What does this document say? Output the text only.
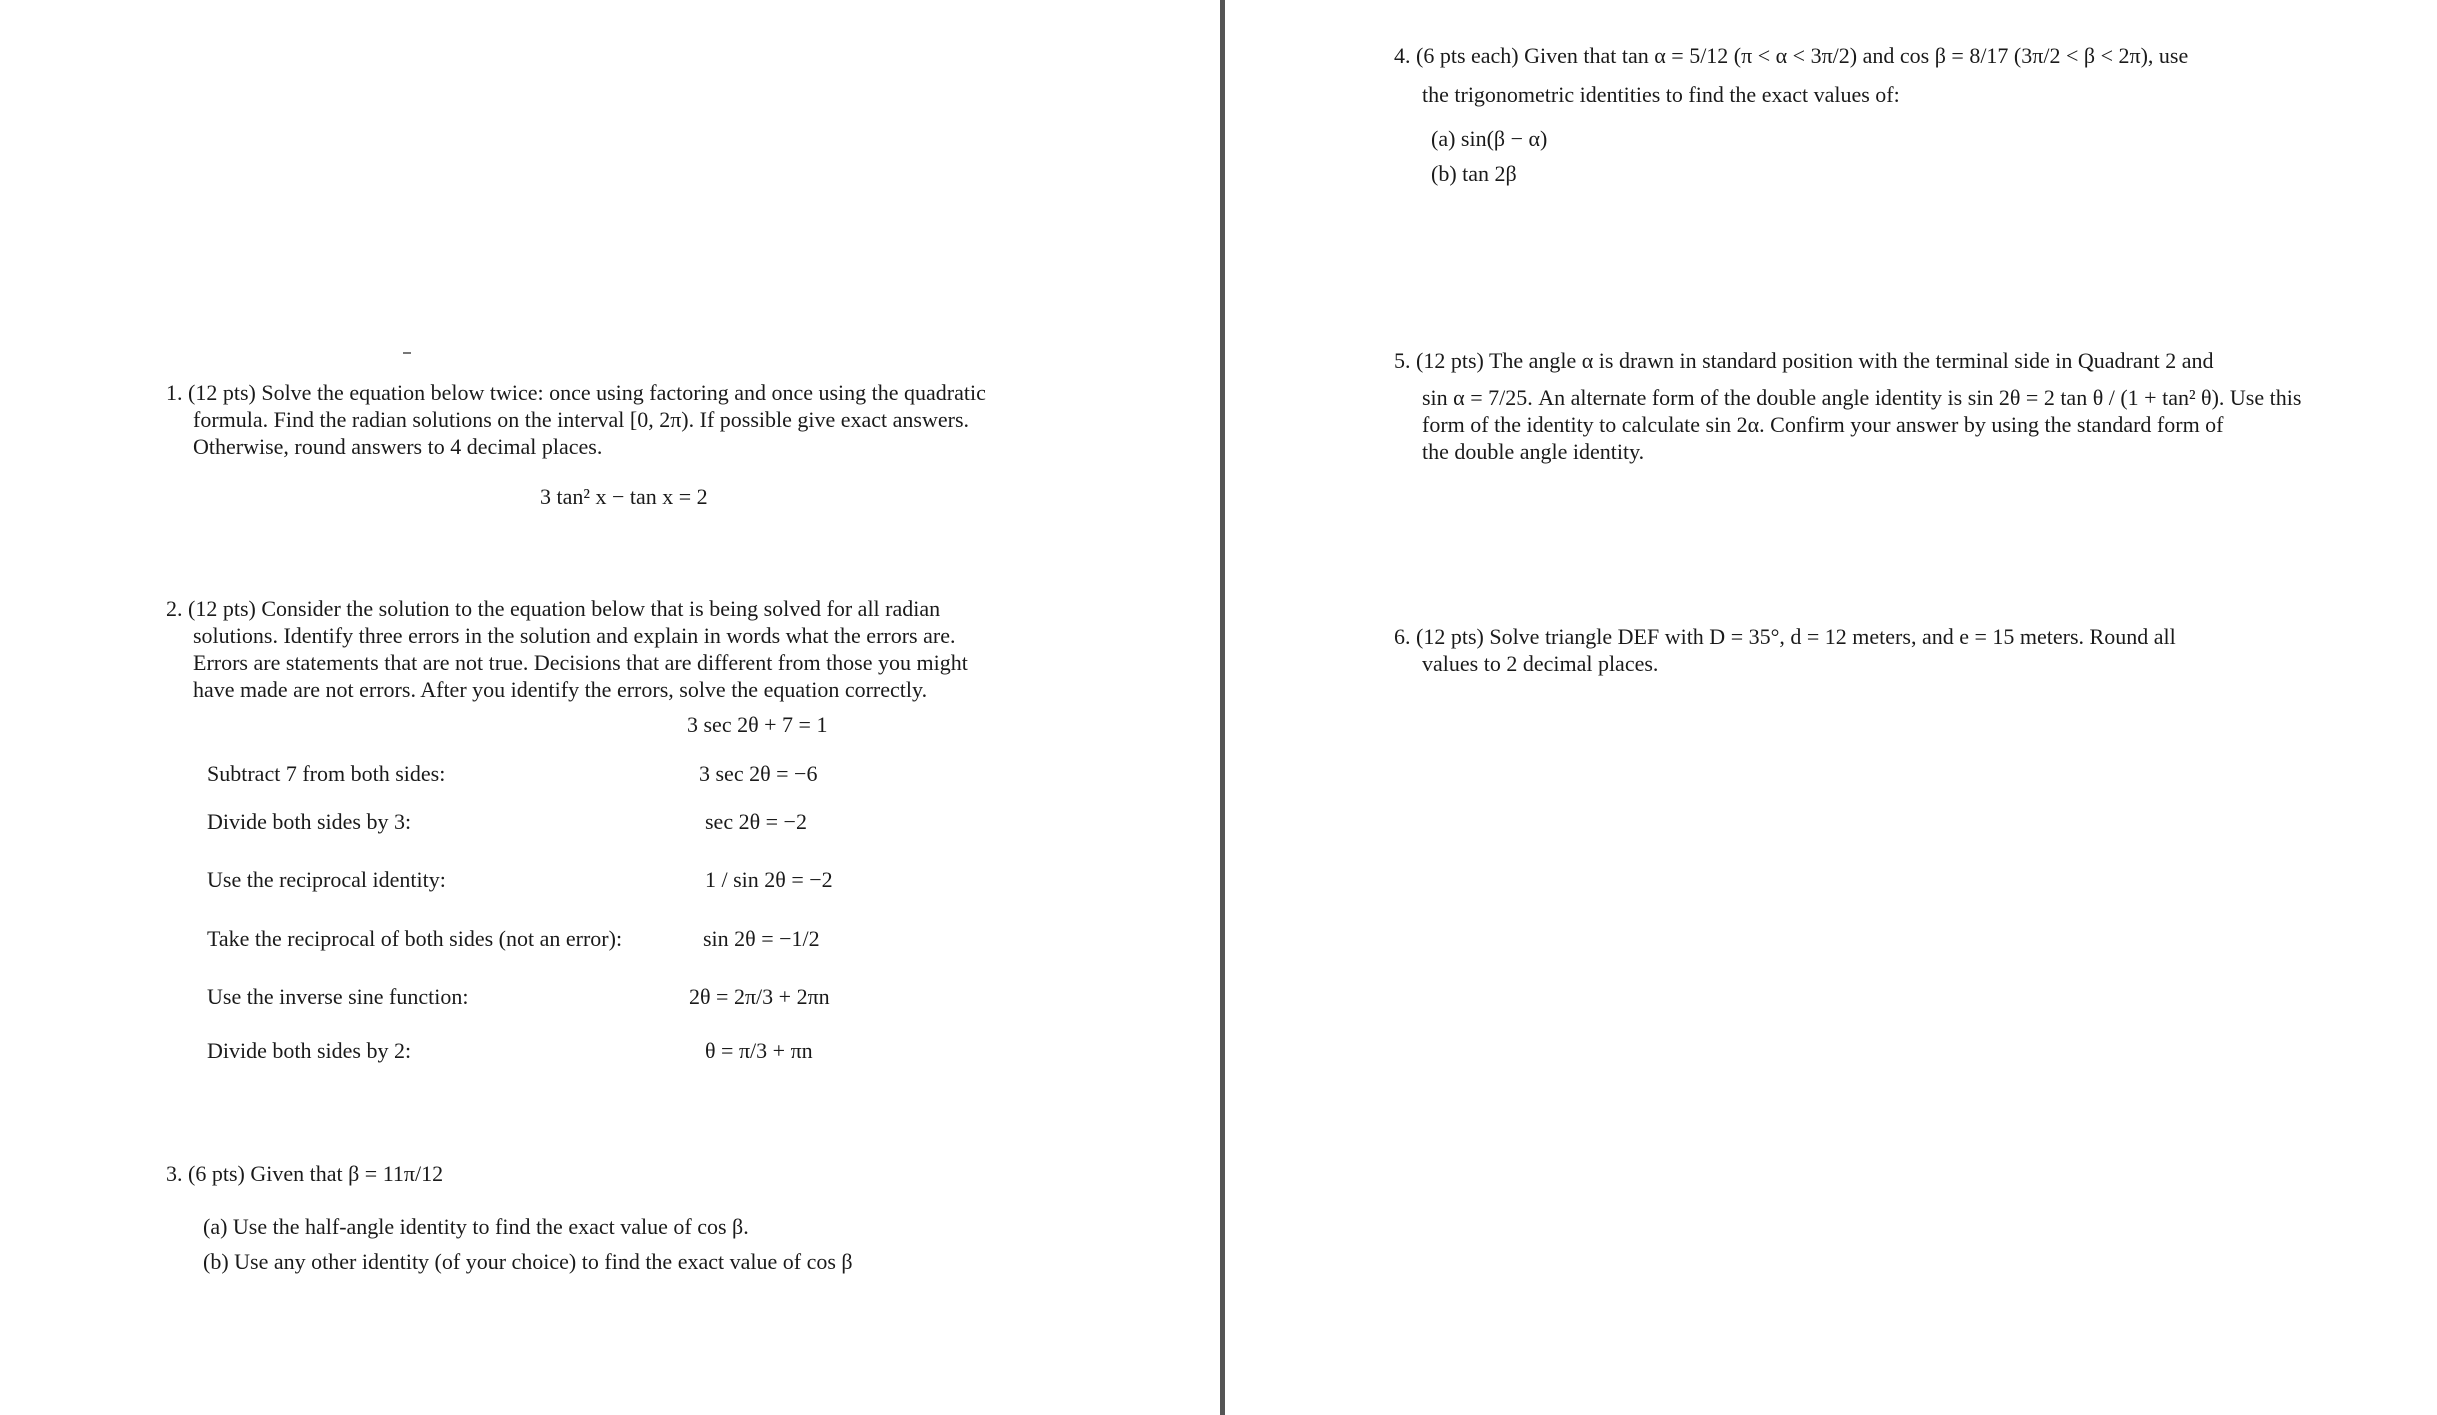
1. (12 pts) Solve the equation below twice: once using factoring and once using the quadratic
formula. Find the radian solutions on the interval [0, 2π). If possible give exact answers.
Otherwise, round answers to 4 decimal places.
3 tan² x − tan x = 2
2. (12 pts) Consider the solution to the equation below that is being solved for all radian
solutions. Identify three errors in the solution and explain in words what the errors are.
Errors are statements that are not true. Decisions that are different from those you might
have made are not errors. After you identify the errors, solve the equation correctly.
3 sec 2θ + 7 = 1
Subtract 7 from both sides:	3 sec 2θ = −6
Divide both sides by 3:	sec 2θ = −2
Use the reciprocal identity:	1 / sin 2θ = −2
Take the reciprocal of both sides (not an error):	sin 2θ = −1/2
Use the inverse sine function:	2θ = 2π/3 + 2πn
Divide both sides by 2:	θ = π/3 + πn
3. (6 pts) Given that β = 11π/12
(a) Use the half-angle identity to find the exact value of cos β.
(b) Use any other identity (of your choice) to find the exact value of cos β
4. (6 pts each) Given that tan α = 5/12 (π < α < 3π/2) and cos β = 8/17 (3π/2 < β < 2π), use
the trigonometric identities to find the exact values of:
(a) sin(β − α)
(b) tan 2β
5. (12 pts) The angle α is drawn in standard position with the terminal side in Quadrant 2 and
sin α = 7/25. An alternate form of the double angle identity is sin 2θ = 2 tan θ / (1 + tan² θ). Use this
form of the identity to calculate sin 2α. Confirm your answer by using the standard form of
the double angle identity.
6. (12 pts) Solve triangle DEF with D = 35°, d = 12 meters, and e = 15 meters. Round all
values to 2 decimal places.
